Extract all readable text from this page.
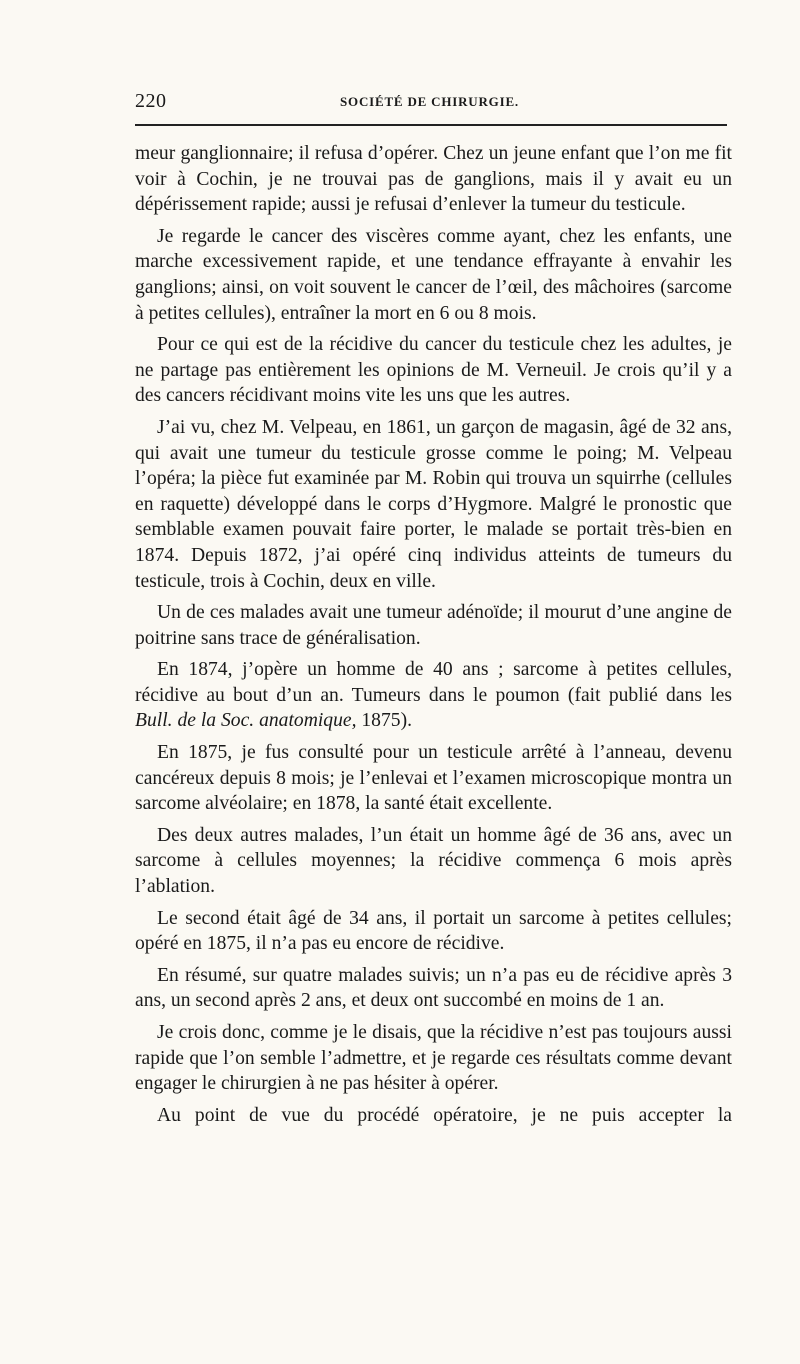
220	SOCIÉTÉ DE CHIRURGIE.

meur ganglionnaire; il refusa d’opérer. Chez un jeune enfant que l’on me fit voir à Cochin, je ne trouvai pas de ganglions, mais il y avait eu un dépérissement rapide; aussi je refusai d’enlever la tumeur du testicule.

Je regarde le cancer des viscères comme ayant, chez les enfants, une marche excessivement rapide, et une tendance effrayante à envahir les ganglions; ainsi, on voit souvent le cancer de l’œil, des mâchoires (sarcome à petites cellules), entraîner la mort en 6 ou 8 mois.

Pour ce qui est de la récidive du cancer du testicule chez les adultes, je ne partage pas entièrement les opinions de M. Verneuil. Je crois qu’il y a des cancers récidivant moins vite les uns que les autres.

J’ai vu, chez M. Velpeau, en 1861, un garçon de magasin, âgé de 32 ans, qui avait une tumeur du testicule grosse comme le poing; M. Velpeau l’opéra; la pièce fut examinée par M. Robin qui trouva un squirrhe (cellules en raquette) développé dans le corps d’Hygmore. Malgré le pronostic que semblable examen pouvait faire porter, le malade se portait très-bien en 1874. Depuis 1872, j’ai opéré cinq individus atteints de tumeurs du testicule, trois à Cochin, deux en ville.

Un de ces malades avait une tumeur adénoïde; il mourut d’une angine de poitrine sans trace de généralisation.

En 1874, j’opère un homme de 40 ans ; sarcome à petites cellules, récidive au bout d’un an. Tumeurs dans le poumon (fait publié dans les Bull. de la Soc. anatomique, 1875).

En 1875, je fus consulté pour un testicule arrêté à l’anneau, devenu cancéreux depuis 8 mois; je l’enlevai et l’examen microscopique montra un sarcome alvéolaire; en 1878, la santé était excellente.

Des deux autres malades, l’un était un homme âgé de 36 ans, avec un sarcome à cellules moyennes; la récidive commença 6 mois après l’ablation.

Le second était âgé de 34 ans, il portait un sarcome à petites cellules; opéré en 1875, il n’a pas eu encore de récidive.

En résumé, sur quatre malades suivis; un n’a pas eu de récidive après 3 ans, un second après 2 ans, et deux ont succombé en moins de 1 an.

Je crois donc, comme je le disais, que la récidive n’est pas toujours aussi rapide que l’on semble l’admettre, et je regarde ces résultats comme devant engager le chirurgien à ne pas hésiter à opérer.

Au point de vue du procédé opératoire, je ne puis accepter la
